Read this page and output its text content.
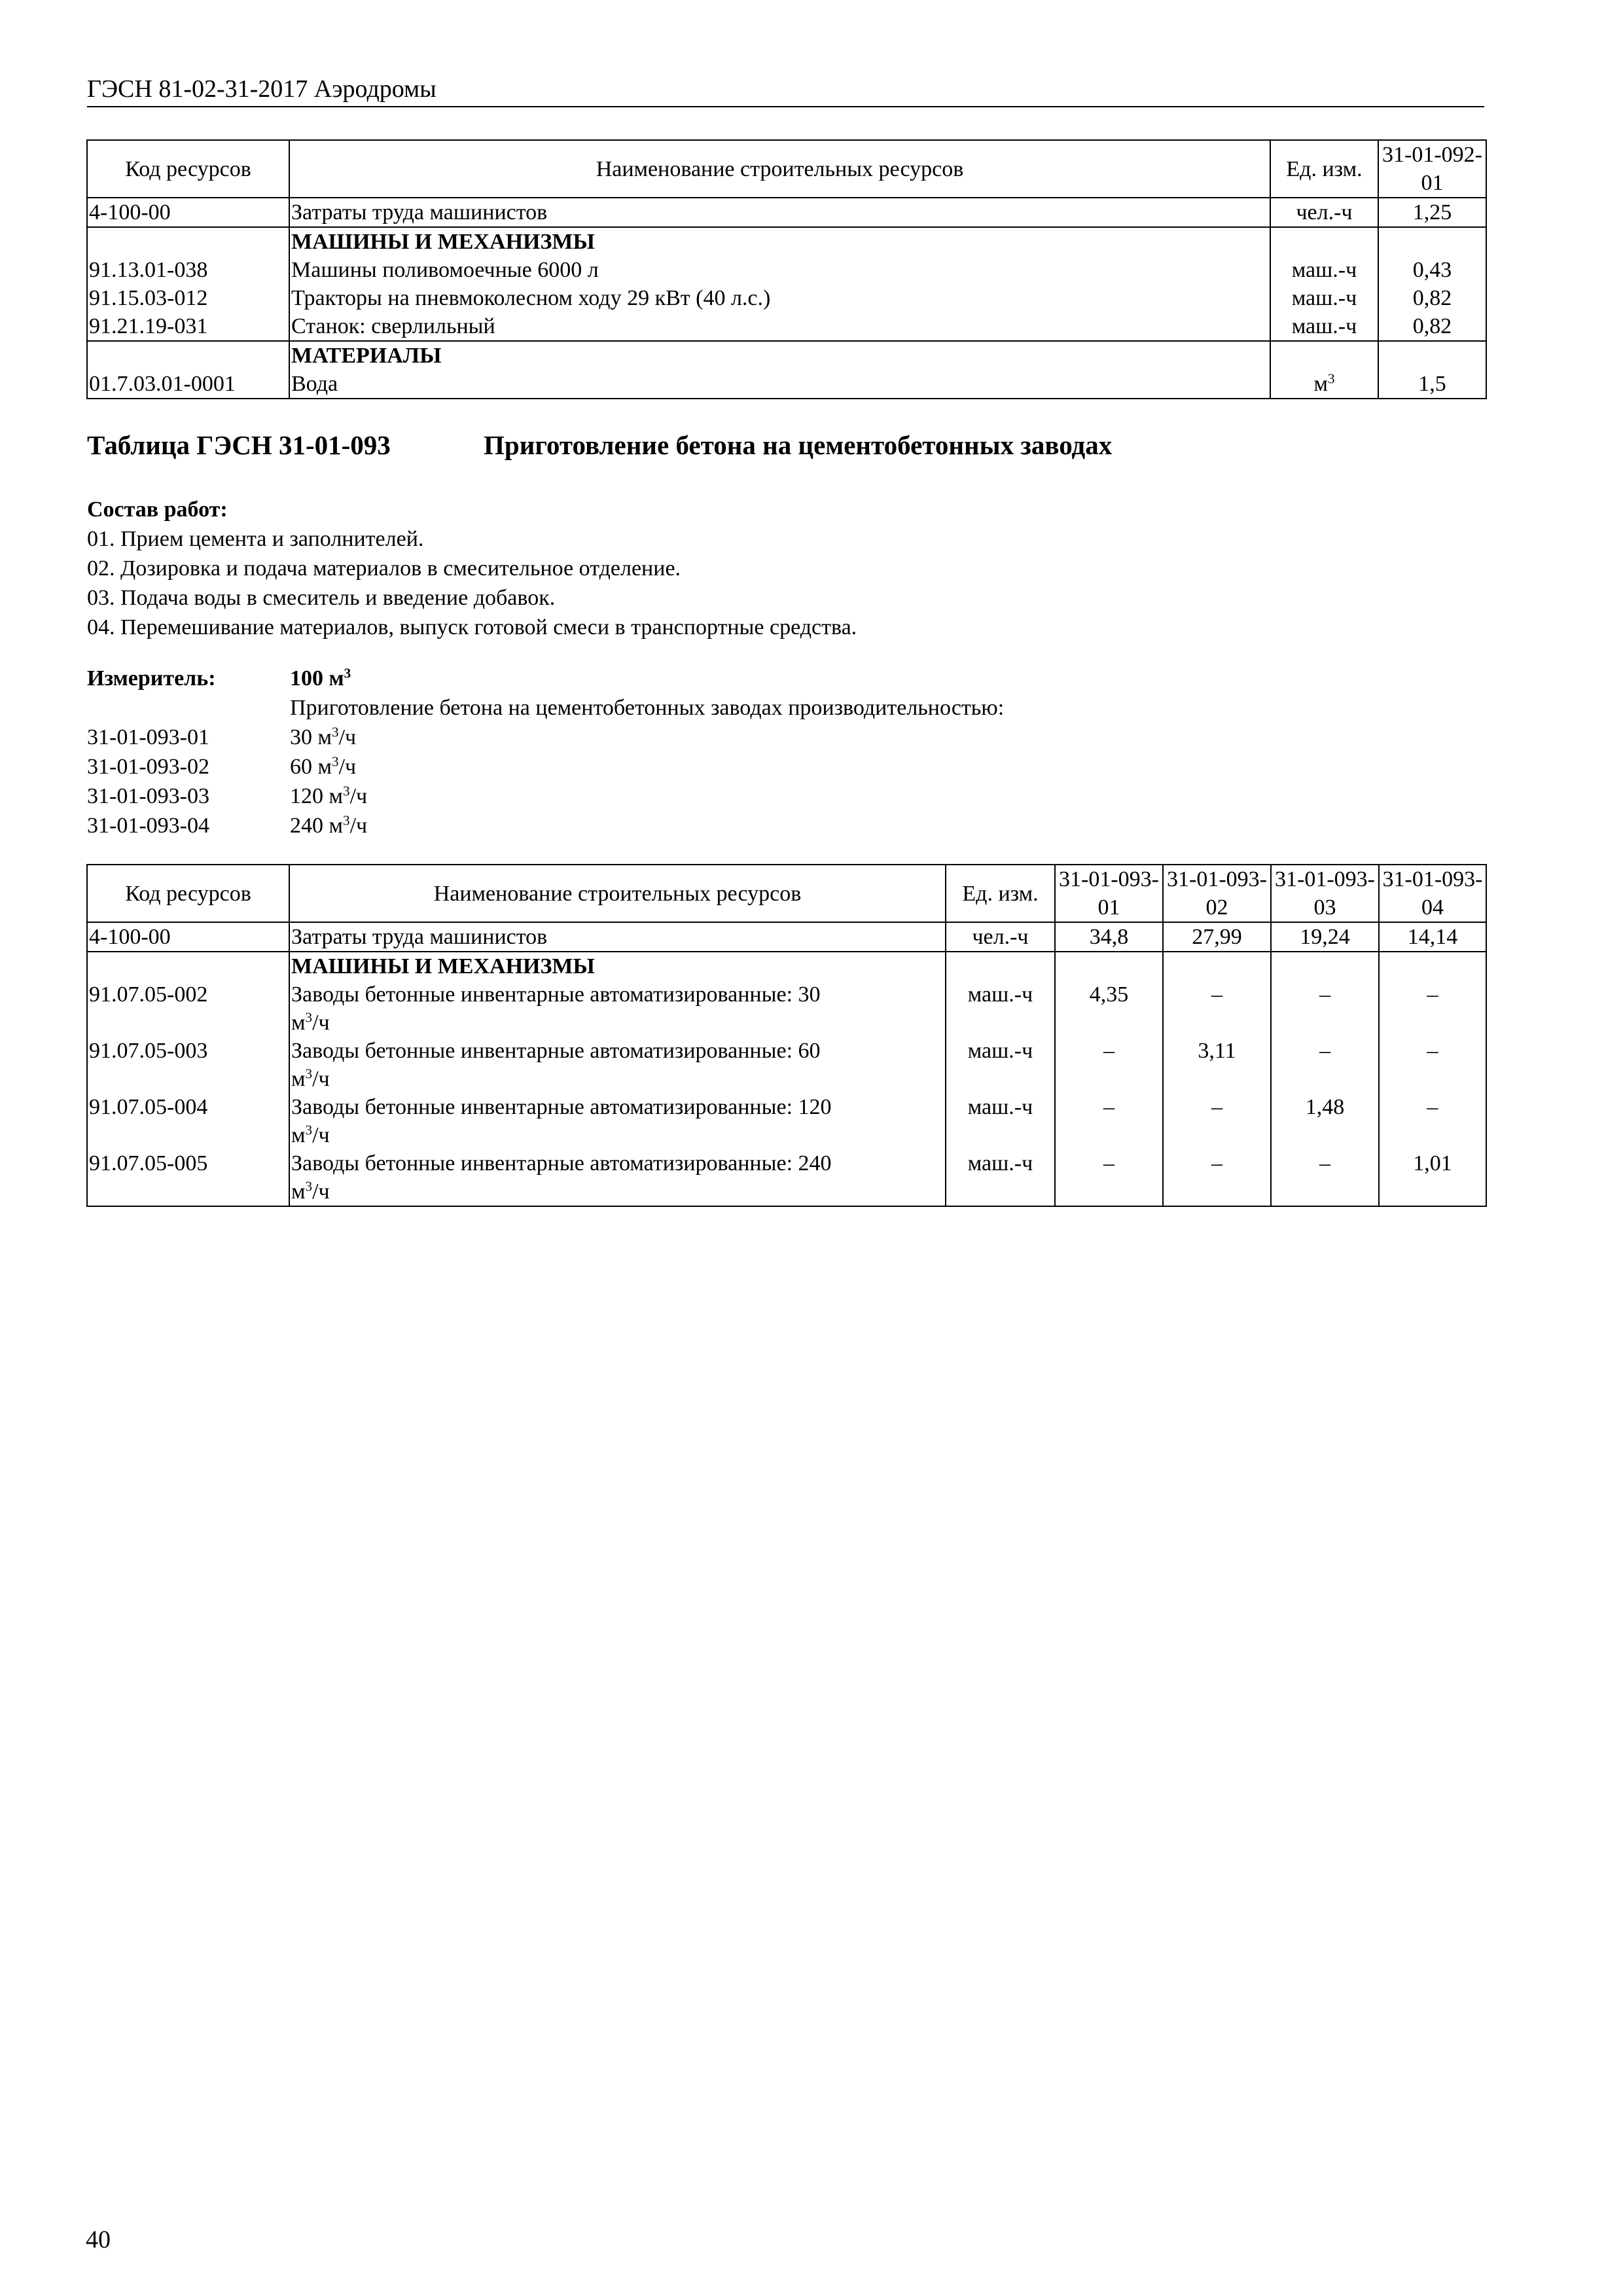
ГЭСН 81-02-31-2017 Аэродромы
Код ресурсов	Наименование строительных ресурсов	Ед. изм.	31-01-092-01
4-100-00	Затраты труда машинистов	чел.-ч	1,25
	МАШИНЫ И МЕХАНИЗМЫ		
91.13.01-038	Машины поливомоечные 6000 л	маш.-ч	0,43
91.15.03-012	Тракторы на пневмоколесном ходу 29 кВт (40 л.с.)	маш.-ч	0,82
91.21.19-031	Станок: сверлильный	маш.-ч	0,82
	МАТЕРИАЛЫ		
01.7.03.01-0001	Вода	$м^3$	1,5
Таблица ГЭСН 31-01-093	Приготовление бетона на цементобетонных заводах
Состав работ:
01. Прием цемента и заполнителей.
02. Дозировка и подача материалов в смесительное отделение.
03. Подача воды в смеситель и введение добавок.
04. Перемешивание материалов, выпуск готовой смеси в транспортные средства.
Измеритель:	100 $м^3$
Приготовление бетона на цементобетонных заводах производительностью:
31-01-093-01	30 $м^3/ч$
31-01-093-02	60 $м^3/ч$
31-01-093-03	120 $м^3/ч$
31-01-093-04	240 $м^3/ч$
Код ресурсов	Наименование строительных ресурсов	Ед. изм.	31-01-093-01	31-01-093-02	31-01-093-03	31-01-093-04
4-100-00	Затраты труда машинистов	чел.-ч	34,8	27,99	19,24	14,14
	МАШИНЫ И МЕХАНИЗМЫ					
91.07.05-002	Заводы бетонные инвентарные автоматизированные: 30
$м^3/ч$	маш.-ч	4,35	–	–	–
91.07.05-003	Заводы бетонные инвентарные автоматизированные: 60
$м^3/ч$	маш.-ч	–	3,11	–	–
91.07.05-004	Заводы бетонные инвентарные автоматизированные: 120
$м^3/ч$	маш.-ч	–	–	1,48	–
91.07.05-005	Заводы бетонные инвентарные автоматизированные: 240
$м^3/ч$	маш.-ч	–	–	–	1,01
40
